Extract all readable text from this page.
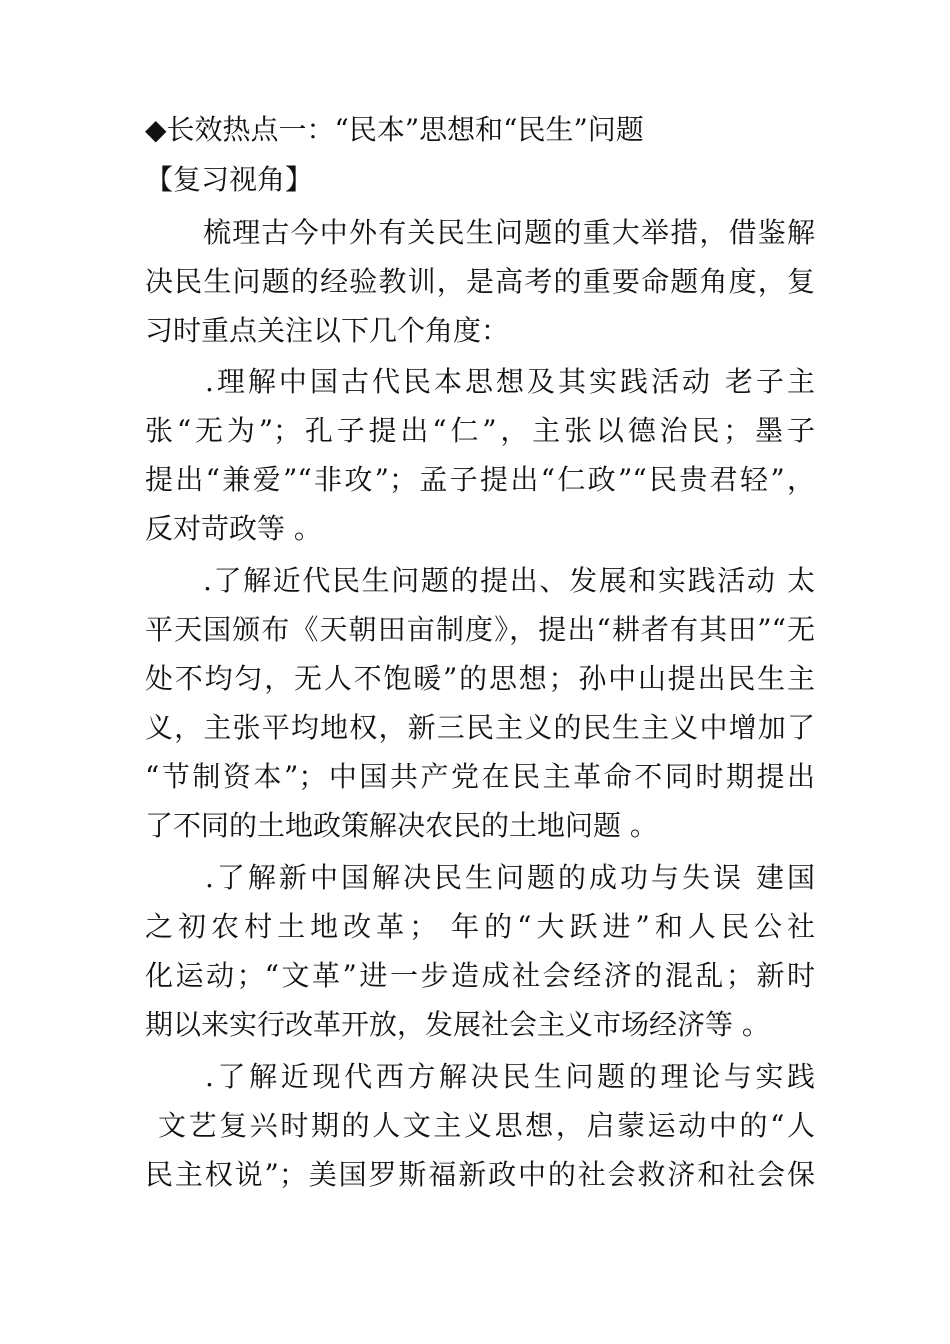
◆长效热点一：“民本”思想和“民生”问题
【复习视角】
梳理古今中外有关民生问题的重大举措，借鉴解
决民生问题的经验教训，是高考的重要命题角度，复
习时重点关注以下几个角度：
.理解中国古代民本思想及其实践活动 老子主
张“无为”；孔子提出“仁”，主张以德治民；墨子
提出“兼爱”“非攻”；孟子提出“仁政”“民贵君轻”，
反对苛政等 。
.了解近代民生问题的提出、发展和实践活动 太
平天国颁布《天朝田亩制度》，提出“耕者有其田”“无
处不均匀，无人不饱暖”的思想；孙中山提出民生主
义，主张平均地权，新三民主义的民生主义中增加了
“节制资本”；中国共产党在民主革命不同时期提出
了不同的土地政策解决农民的土地问题 。
.了解新中国解决民生问题的成功与失误 建国
之初农村土地改革； 年的“大跃进”和人民公社
化运动；“文革”进一步造成社会经济的混乱；新时
期以来实行改革开放，发展社会主义市场经济等 。
.了解近现代西方解决民生问题的理论与实践
文艺复兴时期的人文主义思想，启蒙运动中的“人
民主权说”；美国罗斯福新政中的社会救济和社会保
